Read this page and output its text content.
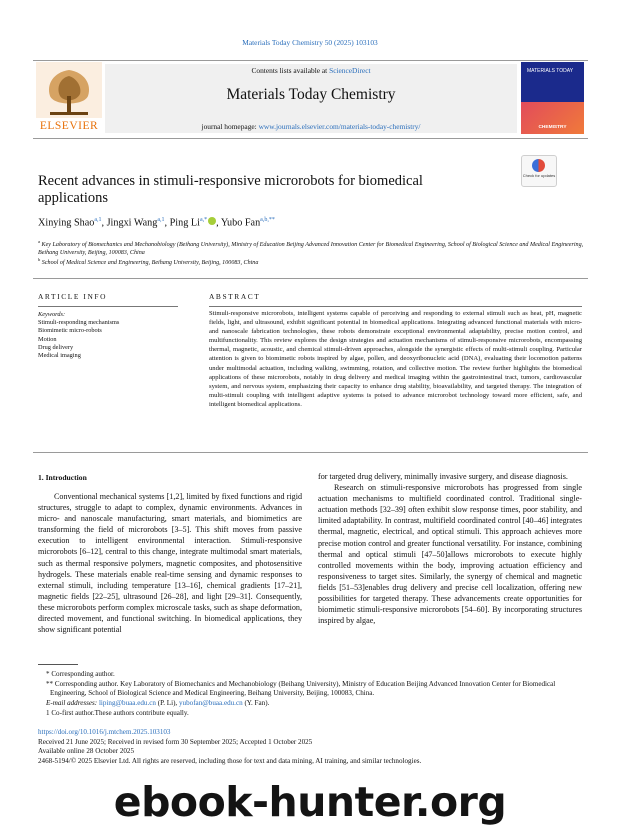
Materials Today Chemistry 50 (2025) 103103
ELSEVIER
Contents lists available at ScienceDirect
Materials Today Chemistry
journal homepage: www.journals.elsevier.com/materials-today-chemistry/
MATERIALS TODAY
CHEMISTRY
Recent advances in stimuli-responsive microrobots for biomedical applications
Check for updates
Xinying Shao$^{a,1}$, Jingxi Wang$^{a,1}$, Ping $Li^{a,*}$ , Yubo Fan$^{a,b,**}$
$^a$ Key Laboratory of Biomechanics and Mechanobiology (Beihang University), Ministry of Education Beijing Advanced Innovation Center for Biomedical Engineering, School of Biological Science and Medical Engineering, Beihang University, Beijing, 100083, China
$^b$ School of Medical Science and Engineering, Beihang University, Beijing, 100083, China
ARTICLE INFO	ABSTRACT
Keywords:
Stimuli-responding mechanisms
Biomimetic micro-robots
Motion
Drug delivery
Medical imaging
Stimuli-responsive microrobots, intelligent systems capable of perceiving and responding to external stimuli such as heat, pH, magnetic fields, light, and ultrasound, exhibit significant potential in biomedical applications. Integrating advanced functional materials with micro- and nanoscale fabrication technologies, these robots demonstrate exceptional environmental adaptability, precise motion control, and multifunctionality. This review explores the design strategies and actuation mechanisms of stimuli-responsive microrobots, encompassing thermal, magnetic, acoustic, and chemical stimuli-driven approaches, alongside the synergistic effects of multi-stimuli coupling. Particular attention is given to biomimetic robots inspired by algae, pollen, and deoxyribonucleic acid (DNA), evaluating their locomotion patterns under multimodal actuation, including walking, swimming, rotation, and collective motion. The review further highlights the biomedical applications of these microrobots, notably in drug delivery and medical imaging within the gastrointestinal tract, tumors, cardiovascular system, and nervous system, emphasizing their capacity to enhance drug stability, bioavailability, and targeted therapy. The integration of multi-stimuli coupling with intelligent adaptive systems is poised to advance microrobot technology toward more efficient, safe, and intelligent biomedical applications.
1. Introduction

Conventional mechanical systems [1,2], limited by fixed functions and rigid structures, struggle to adapt to complex, dynamic environments. Advances in micro- and nanoscale manufacturing, smart materials, and biomimetics are transforming the field of microrobots [3–5]. This shift moves from passive execution to intelligent environmental interaction. Stimuli-responsive microrobots [6–12], central to this change, integrate multimodal smart materials, such as thermal responsive polymers, magnetic composites, and photosensitive hydrogels. These materials enable real-time sensing and dynamic responses to external stimuli, including temperature [13–16], chemical gradients [17–21], magnetic fields [22–25], ultrasound [26–28], and light [29–31]. Consequently, these microrobots perform complex microscale tasks, such as shape deformation, directed movement, and functional switching. In biomedical applications, they show significant potential

for targeted drug delivery, minimally invasive surgery, and disease diagnosis.

Research on stimuli-responsive microrobots has progressed from single actuation mechanisms to multifield coordinated control. Traditional single-actuation methods [32–39] often exhibit slow response times, poor stability, and limited adaptability. In contrast, multifield coordinated control [40–46] integrates thermal, magnetic, electrical, and optical stimuli. This approach achieves more precise motion control and greater functional versatility. For instance, combining thermal and optical stimuli [47–50]allows microrobots to execute highly controlled movements within the body, improving actuation efficiency and responsiveness to target sites. Similarly, the synergy of chemical and magnetic fields [51–53]enables drug delivery and precise cell localization, offering new possibilities for targeted therapy. These advancements create opportunities for biomimetic stimuli-responsive microrobots [54–60]. By incorporating structures inspired by algae,

* Corresponding author.
** Corresponding author. Key Laboratory of Biomechanics and Mechanobiology (Beihang University), Ministry of Education Beijing Advanced Innovation Center for Biomedical Engineering, School of Biological Science and Medical Engineering, Beihang University, Beijing, 100083, China.
E-mail addresses: liping@buaa.edu.cn (P. Li), yubofan@buaa.edu.cn (Y. Fan).
1 Co-first author.These authors contribute equally.
https://doi.org/10.1016/j.mtchem.2025.103103
Received 21 June 2025; Received in revised form 30 September 2025; Accepted 1 October 2025
Available online 28 October 2025
2468-5194/© 2025 Elsevier Ltd. All rights are reserved, including those for text and data mining, AI training, and similar technologies.
ebook-hunter.org
